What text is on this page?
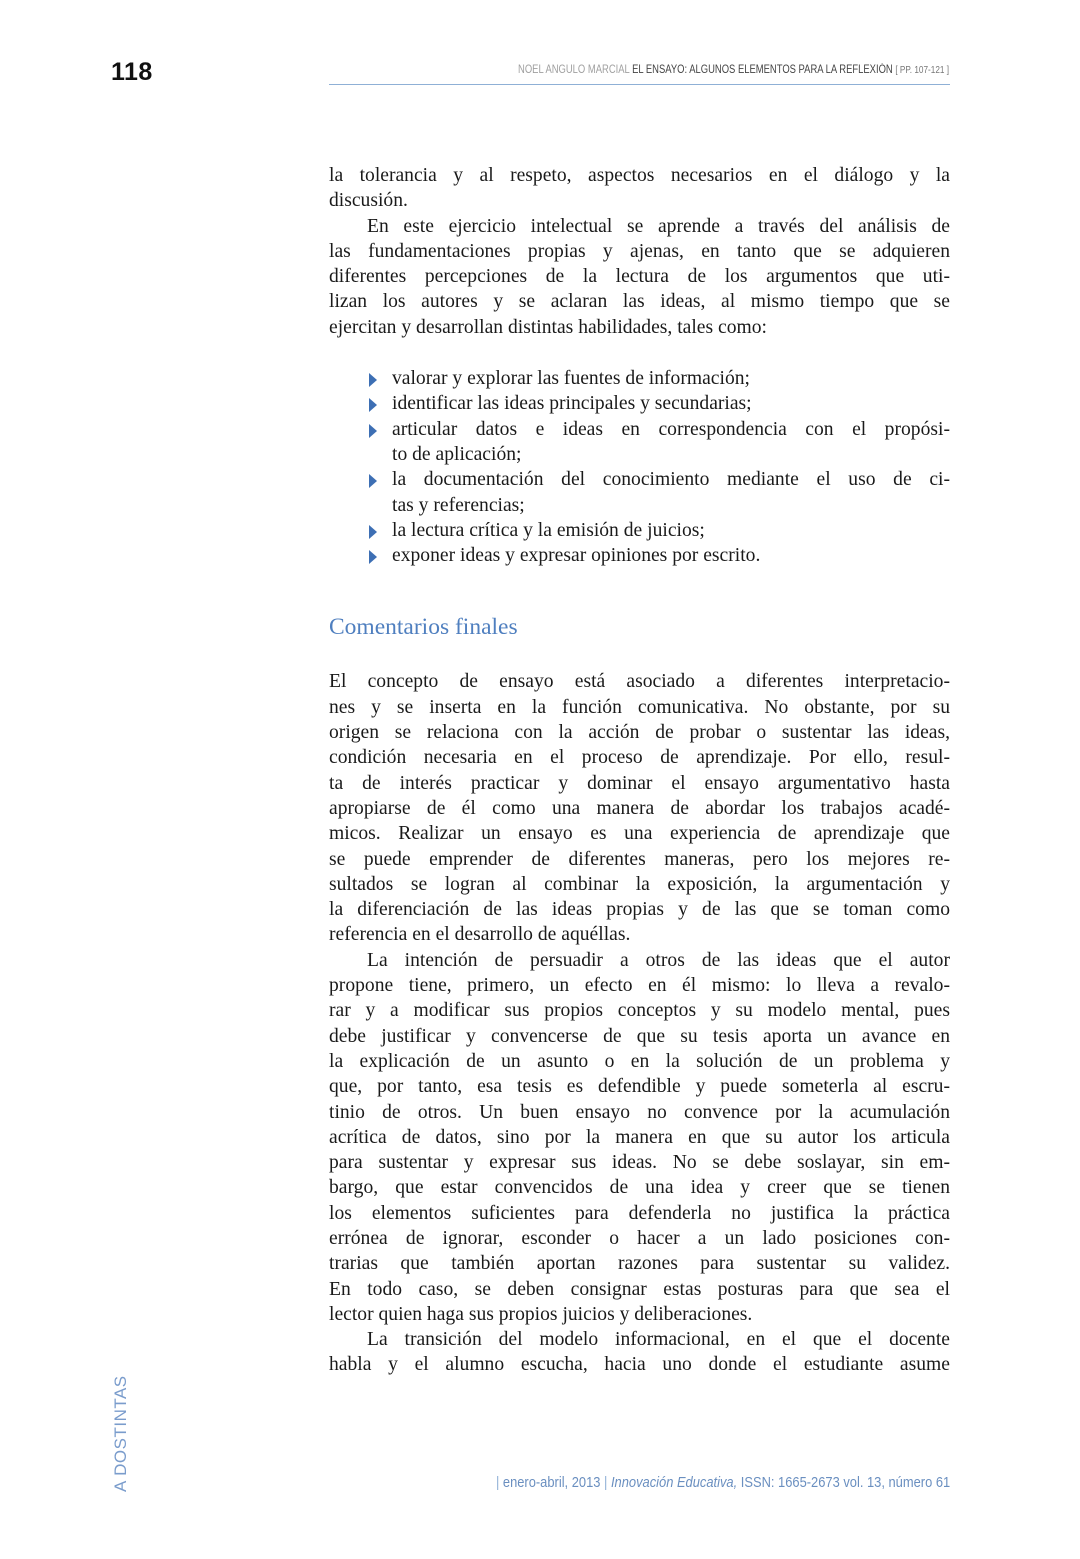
118	NOEL ANGULO MARCIAL EL ENSAYO: ALGUNOS ELEMENTOS PARA LA REFLEXIÓN [ PP. 107-121 ]
la tolerancia y al respeto, aspectos necesarios en el diálogo y la
discusión.
En este ejercicio intelectual se aprende a través del análisis de
las fundamentaciones propias y ajenas, en tanto que se adquieren
diferentes percepciones de la lectura de los argumentos que uti-
lizan los autores y se aclaran las ideas, al mismo tiempo que se
ejercitan y desarrollan distintas habilidades, tales como:
valorar y explorar las fuentes de información;
identificar las ideas principales y secundarias;
articular datos e ideas en correspondencia con el propósi-
to de aplicación;
la documentación del conocimiento mediante el uso de ci-
tas y referencias;
la lectura crítica y la emisión de juicios;
exponer ideas y expresar opiniones por escrito.
Comentarios finales
El concepto de ensayo está asociado a diferentes interpretacio-
nes y se inserta en la función comunicativa. No obstante, por su
origen se relaciona con la acción de probar o sustentar las ideas,
condición necesaria en el proceso de aprendizaje. Por ello, resul-
ta de interés practicar y dominar el ensayo argumentativo hasta
apropiarse de él como una manera de abordar los trabajos acadé-
micos. Realizar un ensayo es una experiencia de aprendizaje que
se puede emprender de diferentes maneras, pero los mejores re-
sultados se logran al combinar la exposición, la argumentación y
la diferenciación de las ideas propias y de las que se toman como
referencia en el desarrollo de aquéllas.
La intención de persuadir a otros de las ideas que el autor
propone tiene, primero, un efecto en él mismo: lo lleva a revalo-
rar y a modificar sus propios conceptos y su modelo mental, pues
debe justificar y convencerse de que su tesis aporta un avance en
la explicación de un asunto o en la solución de un problema y
que, por tanto, esa tesis es defendible y puede someterla al escru-
tinio de otros. Un buen ensayo no convence por la acumulación
acrítica de datos, sino por la manera en que su autor los articula
para sustentar y expresar sus ideas. No se debe soslayar, sin em-
bargo, que estar convencidos de una idea y creer que se tienen
los elementos suficientes para defenderla no justifica la práctica
errónea de ignorar, esconder o hacer a un lado posiciones con-
trarias que también aportan razones para sustentar su validez.
En todo caso, se deben consignar estas posturas para que sea el
lector quien haga sus propios juicios y deliberaciones.
La transición del modelo informacional, en el que el docente
habla y el alumno escucha, hacia uno donde el estudiante asume
A DOSTINTAS	| enero-abril, 2013 | Innovación Educativa, ISSN: 1665-2673 vol. 13, número 61
